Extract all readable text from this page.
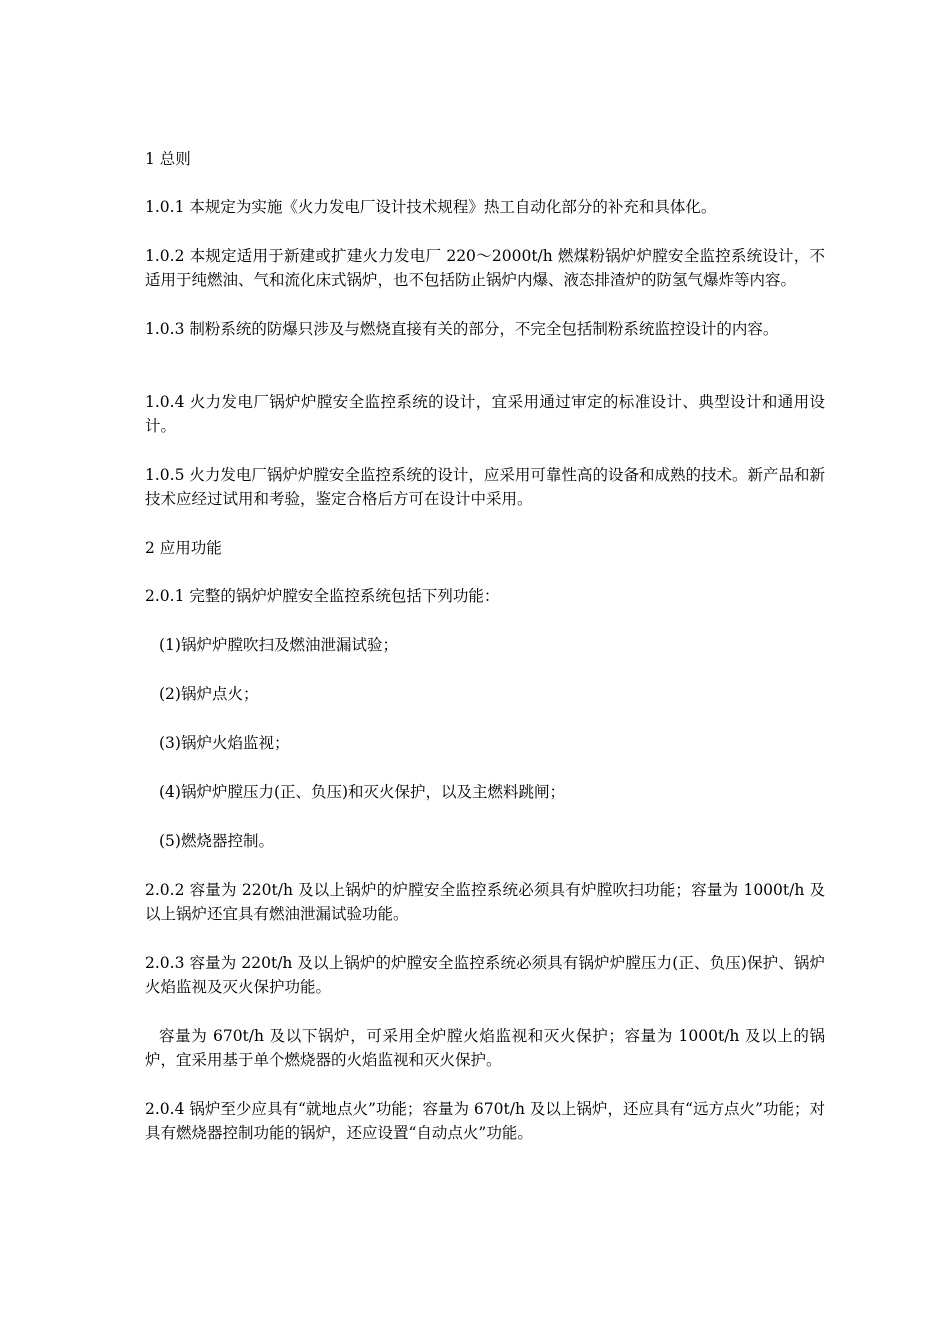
1 总则

1.0.1 本规定为实施《火力发电厂设计技术规程》热工自动化部分的补充和具体化。

1.0.2 本规定适用于新建或扩建火力发电厂 220～2000t/h 燃煤粉锅炉炉膛安全监控系统设计，不适用于纯燃油、气和流化床式锅炉，也不包括防止锅炉内爆、液态排渣炉的防氢气爆炸等内容。

1.0.3 制粉系统的防爆只涉及与燃烧直接有关的部分，不完全包括制粉系统监控设计的内容。

1.0.4 火力发电厂锅炉炉膛安全监控系统的设计，宜采用通过审定的标准设计、典型设计和通用设计。

1.0.5 火力发电厂锅炉炉膛安全监控系统的设计，应采用可靠性高的设备和成熟的技术。新产品和新技术应经过试用和考验，鉴定合格后方可在设计中采用。

2 应用功能

2.0.1 完整的锅炉炉膛安全监控系统包括下列功能：

(1)锅炉炉膛吹扫及燃油泄漏试验；

(2)锅炉点火；

(3)锅炉火焰监视；

(4)锅炉炉膛压力(正、负压)和灭火保护，以及主燃料跳闸；

(5)燃烧器控制。

2.0.2 容量为 220t/h 及以上锅炉的炉膛安全监控系统必须具有炉膛吹扫功能；容量为 1000t/h 及以上锅炉还宜具有燃油泄漏试验功能。

2.0.3 容量为 220t/h 及以上锅炉的炉膛安全监控系统必须具有锅炉炉膛压力(正、负压)保护、锅炉火焰监视及灭火保护功能。

容量为 670t/h 及以下锅炉，可采用全炉膛火焰监视和灭火保护；容量为 1000t/h 及以上的锅炉，宜采用基于单个燃烧器的火焰监视和灭火保护。

2.0.4 锅炉至少应具有“就地点火”功能；容量为 670t/h 及以上锅炉，还应具有“远方点火”功能；对具有燃烧器控制功能的锅炉，还应设置“自动点火”功能。
